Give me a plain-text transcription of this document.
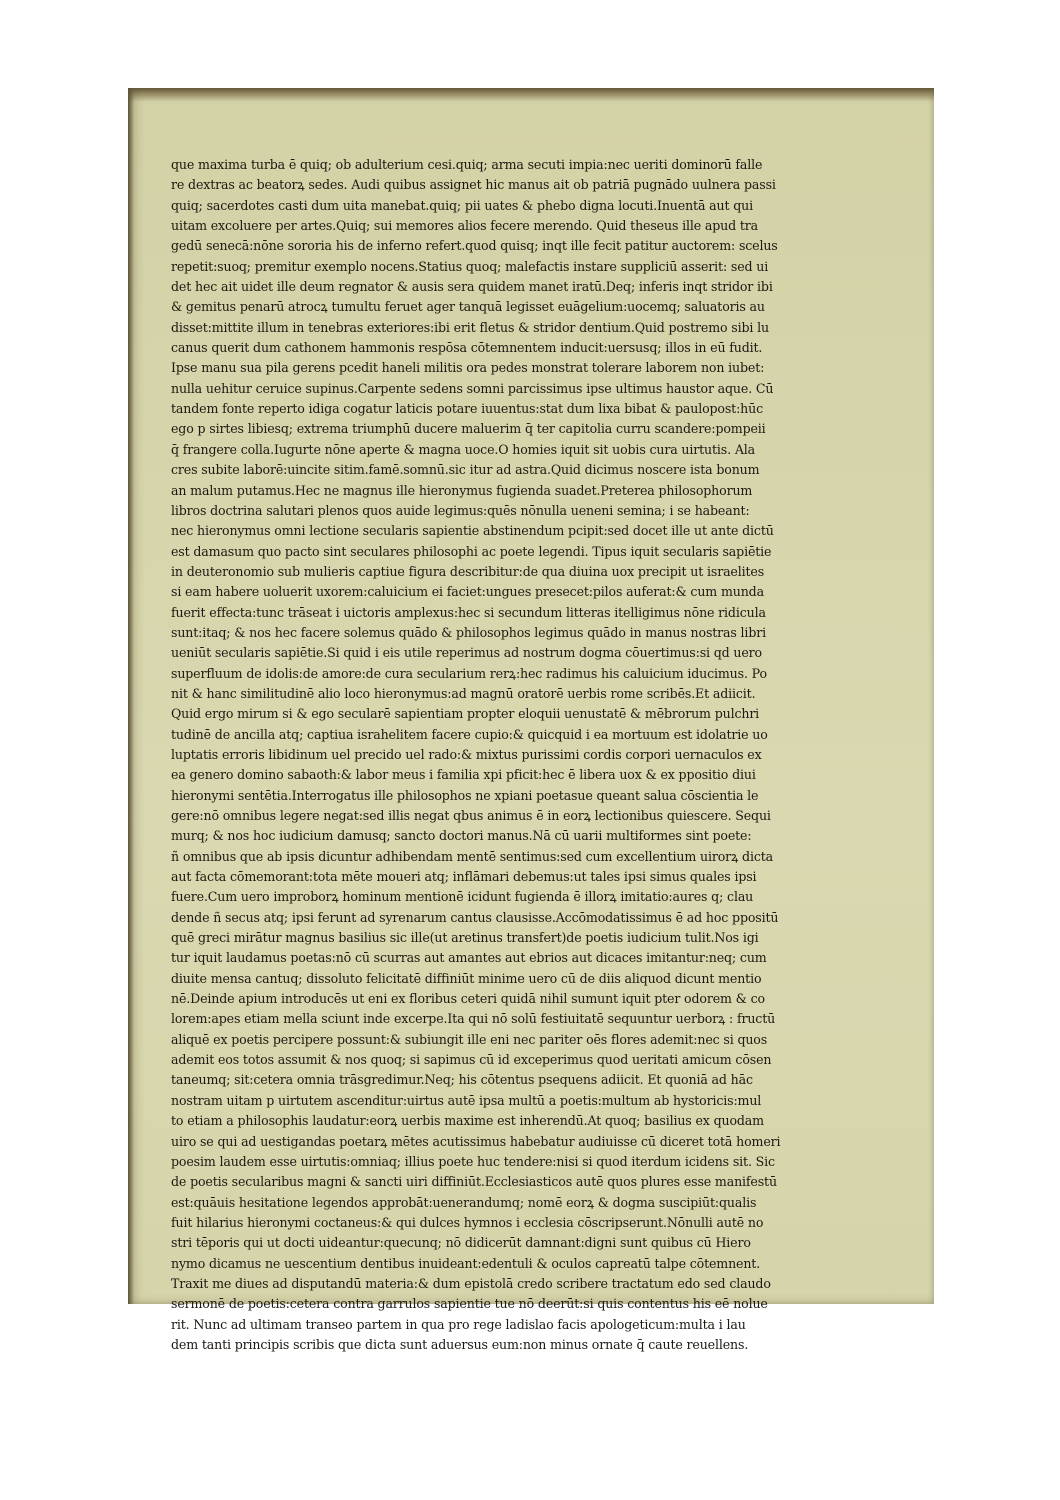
que maxima turba ē quiq; ob adulterium cesi.quiq; arma secuti impia:nec ueriti dominorū falle
re dextras ac beatorꝝ sedes. Audi quibus assignet hic manus ait ob patriā pugnādo uulnera passi
quiq; sacerdotes casti dum uita manebat.quiq; pii uates & phebo digna locuti.Inuentā aut qui
uitam excoluere per artes.Quiq; sui memores alios fecere merendo. Quid theseus ille apud tra
gedū senecā:nōne sororia his de inferno refert.quod quisq; inqt ille fecit patitur auctorem: scelus
repetit:suoq; premitur exemplo nocens.Statius quoq; malefactis instare suppliciū asserit: sed ui
det hec ait uidet ille deum regnator & ausis sera quidem manet iratū.Deq; inferis inqt stridor ibi
& gemitus penarū atrocꝝ tumultu feruet ager tanquā legisset euāgelium:uocemq; saluatoris au
disset:mittite illum in tenebras exteriores:ibi erit fletus & stridor dentium.Quid postremo sibi lu
canus querit dum cathonem hammonis respōsa cōtemnentem inducit:uersusq; illos in eū fudit.
Ipse manu sua pila gerens pcedit haneli militis ora pedes monstrat tolerare laborem non iubet:
nulla uehitur ceruice supinus.Carpente sedens somni parcissimus ipse ultimus haustor aque. Cū
tandem fonte reperto idiga cogatur laticis potare iuuentus:stat dum lixa bibat & paulopost:hūc
ego p sirtes libiesq; extrema triumphū ducere maluerim q̄ ter capitolia curru scandere:pompeii
q̄ frangere colla.Iugurte nōne aperte & magna uoce.O homies iquit sit uobis cura uirtutis. Ala
cres subite laborē:uincite sitim.famē.somnū.sic itur ad astra.Quid dicimus noscere ista bonum
an malum putamus.Hec ne magnus ille hieronymus fugienda suadet.Preterea philosophorum
libros doctrina salutari plenos quos auide legimus:quēs nōnulla ueneni semina; i se habeant:
nec hieronymus omni lectione secularis sapientie abstinendum pcipit:sed docet ille ut ante dictū
est damasum quo pacto sint seculares philosophi ac poete legendi. Tipus iquit secularis sapiētie
in deuteronomio sub mulieris captiue figura describitur:de qua diuina uox precipit ut israelites
si eam habere uoluerit uxorem:caluicium ei faciet:ungues presecet:pilos auferat:& cum munda
fuerit effecta:tunc trāseat i uictoris amplexus:hec si secundum litteras itelligimus nōne ridicula
sunt:itaq; & nos hec facere solemus quādo & philosophos legimus quādo in manus nostras libri
ueniūt secularis sapiētie.Si quid i eis utile reperimus ad nostrum dogma cōuertimus:si qd uero
superfluum de idolis:de amore:de cura secularium rerꝝ:hec radimus his caluicium iducimus. Po
nit & hanc similitudinē alio loco hieronymus:ad magnū oratorē uerbis rome scribēs.Et adiicit.
Quid ergo mirum si & ego secularē sapientiam propter eloquii uenustatē & mēbrorum pulchri
tudinē de ancilla atq; captiua israhelitem facere cupio:& quicquid i ea mortuum est idolatrie uo
luptatis erroris libidinum uel precido uel rado:& mixtus purissimi cordis corpori uernaculos ex
ea genero domino sabaoth:& labor meus i familia xpi pficit:hec ē libera uox & ex ppositio diui
hieronymi sentētia.Interrogatus ille philosophos ne xpiani poetasue queant salua cōscientia le
gere:nō omnibus legere negat:sed illis negat qbus animus ē in eorꝝ lectionibus quiescere. Sequi
murq; & nos hoc iudicium damusq; sancto doctori manus.Nā cū uarii multiformes sint poete:
ñ omnibus que ab ipsis dicuntur adhibendam mentē sentimus:sed cum excellentium uirorꝝ dicta
aut facta cōmemorant:tota mēte moueri atq; inflāmari debemus:ut tales ipsi simus quales ipsi
fuere.Cum uero improborꝝ hominum mentionē icidunt fugienda ē illorꝝ imitatio:aures q; clau
dende ñ secus atq; ipsi ferunt ad syrenarum cantus clausisse.Accōmodatissimus ē ad hoc ppositū
quē greci mirātur magnus basilius sic ille(ut aretinus transfert)de poetis iudicium tulit.Nos igi
tur iquit laudamus poetas:nō cū scurras aut amantes aut ebrios aut dicaces imitantur:neq; cum
diuite mensa cantuq; dissoluto felicitatē diffiniūt minime uero cū de diis aliquod dicunt mentio
nē.Deinde apium introducēs ut eni ex floribus ceteri quidā nihil sumunt iquit pter odorem & co
lorem:apes etiam mella sciunt inde excerpe.Ita qui nō solū festiuitatē sequuntur uerborꝝ : fructū
aliquē ex poetis percipere possunt:& subiungit ille eni nec pariter oēs flores ademit:nec si quos
ademit eos totos assumit & nos quoq; si sapimus cū id exceperimus quod ueritati amicum cōsen
taneumq; sit:cetera omnia trāsgredimur.Neq; his cōtentus psequens adiicit. Et quoniā ad hāc
nostram uitam p uirtutem ascenditur:uirtus autē ipsa multū a poetis:multum ab hystoricis:mul
to etiam a philosophis laudatur:eorꝝ uerbis maxime est inherendū.At quoq; basilius ex quodam
uiro se qui ad uestigandas poetarꝝ mētes acutissimus habebatur audiuisse cū diceret totā homeri
poesim laudem esse uirtutis:omniaq; illius poete huc tendere:nisi si quod iterdum icidens sit. Sic
de poetis secularibus magni & sancti uiri diffiniūt.Ecclesiasticos autē quos plures esse manifestū
est:quāuis hesitatione legendos approbāt:uenerandumq; nomē eorꝝ & dogma suscipiūt:qualis
fuit hilarius hieronymi coctaneus:& qui dulces hymnos i ecclesia cōscripserunt.Nōnulli autē no
stri tēporis qui ut docti uideantur:quecunq; nō didicerūt damnant:digni sunt quibus cū Hiero
nymo dicamus ne uescentium dentibus inuideant:edentuli & oculos capreatū talpe cōtemnent.
Traxit me diues ad disputandū materia:& dum epistolā credo scribere tractatum edo sed claudo
sermonē de poetis:cetera contra garrulos sapientie tue nō deerūt:si quis contentus his eē nolue
rit. Nunc ad ultimam transeo partem in qua pro rege ladislao facis apologeticum:multa i lau
dem tanti principis scribis que dicta sunt aduersus eum:non minus ornate q̄ caute reuellens.
